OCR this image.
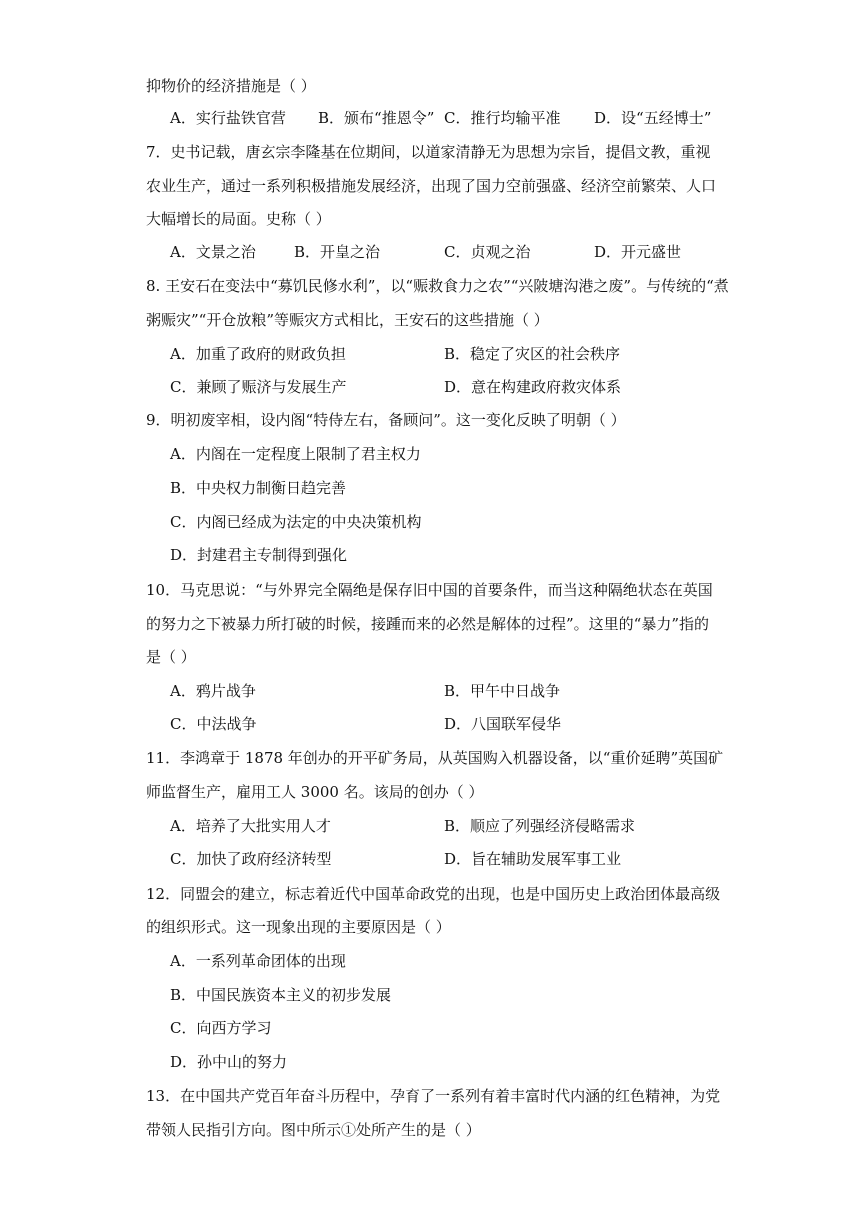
抑物价的经济措施是（ ）
A．实行盐铁官营 B．颁布“推恩令” C．推行均输平准 D．设“五经博士”
7．史书记载，唐玄宗李隆基在位期间，以道家清静无为思想为宗旨，提倡文教，重视
农业生产，通过一系列积极措施发展经济，出现了国力空前强盛、经济空前繁荣、人口
大幅增长的局面。史称（ ）
A．文景之治	B．开皇之治	C．贞观之治	D．开元盛世
8. 王安石在变法中“募饥民修水利”，以“赈救食力之农”“兴陂塘沟港之废”。与传统的“煮
粥赈灾”“开仓放粮”等赈灾方式相比，王安石的这些措施（ ）
A．加重了政府的财政负担	B．稳定了灾区的社会秩序
C．兼顾了赈济与发展生产	D．意在构建政府救灾体系
9．明初废宰相，设内阁“特侍左右，备顾问”。这一变化反映了明朝（ ）
A．内阁在一定程度上限制了君主权力
B．中央权力制衡日趋完善
C．内阁已经成为法定的中央决策机构
D．封建君主专制得到强化
10．马克思说：“与外界完全隔绝是保存旧中国的首要条件，而当这种隔绝状态在英国
的努力之下被暴力所打破的时候，接踵而来的必然是解体的过程”。这里的“暴力”指的
是（ ）
A．鸦片战争	B．甲午中日战争
C．中法战争	D．八国联军侵华
11．李鸿章于 1878 年创办的开平矿务局，从英国购入机器设备，以“重价延聘”英国矿
师监督生产，雇用工人 3000 名。该局的创办（ ）
A．培养了大批实用人才	B．顺应了列强经济侵略需求
C．加快了政府经济转型	D．旨在辅助发展军事工业
12．同盟会的建立，标志着近代中国革命政党的出现，也是中国历史上政治团体最高级
的组织形式。这一现象出现的主要原因是（ ）
A．一系列革命团体的出现
B．中国民族资本主义的初步发展
C．向西方学习
D．孙中山的努力
13．在中国共产党百年奋斗历程中，孕育了一系列有着丰富时代内涵的红色精神，为党
带领人民指引方向。图中所示①处所产生的是（ ）
